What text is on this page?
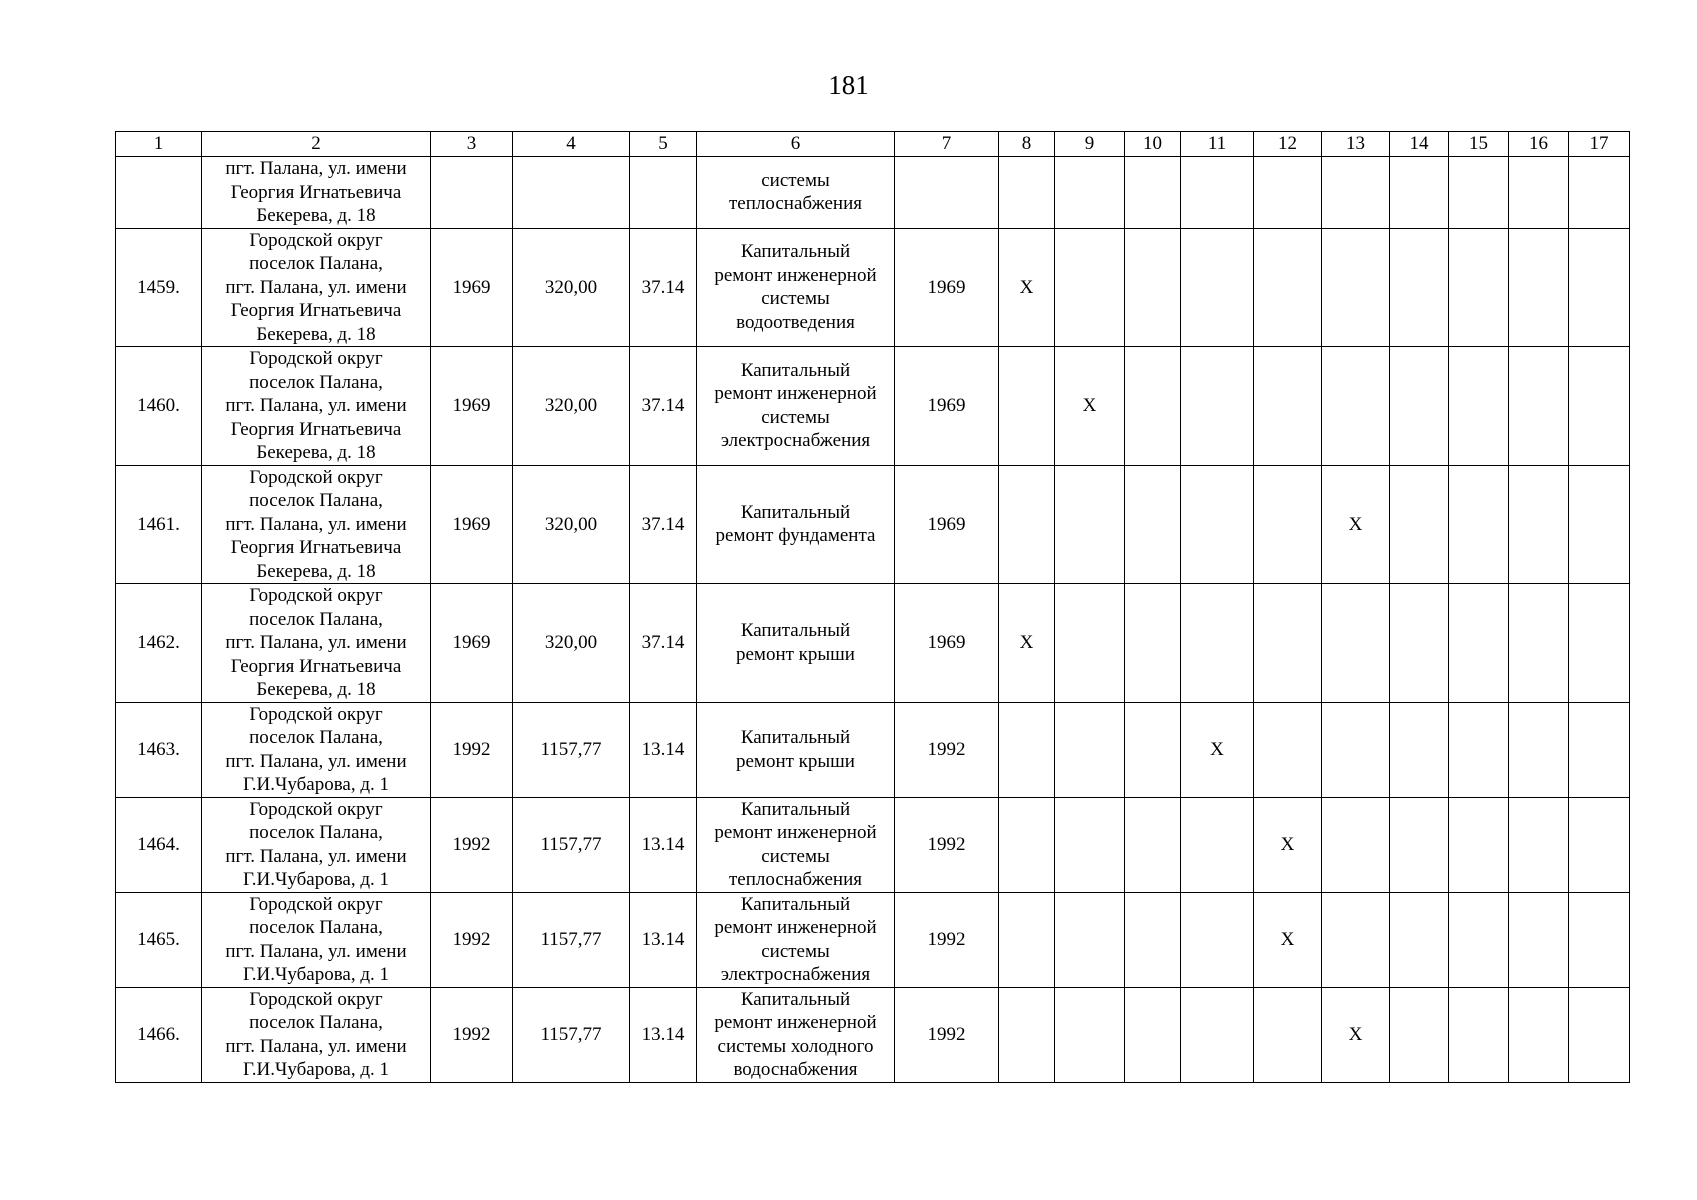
181
1	2	3	4	5	6	7	8	9	10	11	12	13	14	15	16	17
	пгт. Палана, ул. имени
Георгия Игнатьевича
Бекерева, д. 18				системы
теплоснабжения											
1459.	Городской округ
поселок Палана,
пгт. Палана, ул. имени
Георгия Игнатьевича
Бекерева, д. 18	1969	320,00	37.14	Капитальный
ремонт инженерной
системы
водоотведения	1969	Х									
1460.	Городской округ
поселок Палана,
пгт. Палана, ул. имени
Георгия Игнатьевича
Бекерева, д. 18	1969	320,00	37.14	Капитальный
ремонт инженерной
системы
электроснабжения	1969		Х								
1461.	Городской округ
поселок Палана,
пгт. Палана, ул. имени
Георгия Игнатьевича
Бекерева, д. 18	1969	320,00	37.14	Капитальный
ремонт фундамента	1969						Х				
1462.	Городской округ
поселок Палана,
пгт. Палана, ул. имени
Георгия Игнатьевича
Бекерева, д. 18	1969	320,00	37.14	Капитальный
ремонт крыши	1969	Х									
1463.	Городской округ
поселок Палана,
пгт. Палана, ул. имени
Г.И.Чубарова, д. 1	1992	1157,77	13.14	Капитальный
ремонт крыши	1992				Х						
1464.	Городской округ
поселок Палана,
пгт. Палана, ул. имени
Г.И.Чубарова, д. 1	1992	1157,77	13.14	Капитальный
ремонт инженерной
системы
теплоснабжения	1992					Х					
1465.	Городской округ
поселок Палана,
пгт. Палана, ул. имени
Г.И.Чубарова, д. 1	1992	1157,77	13.14	Капитальный
ремонт инженерной
системы
электроснабжения	1992					Х					
1466.	Городской округ
поселок Палана,
пгт. Палана, ул. имени
Г.И.Чубарова, д. 1	1992	1157,77	13.14	Капитальный
ремонт инженерной
системы холодного
водоснабжения	1992						Х				
